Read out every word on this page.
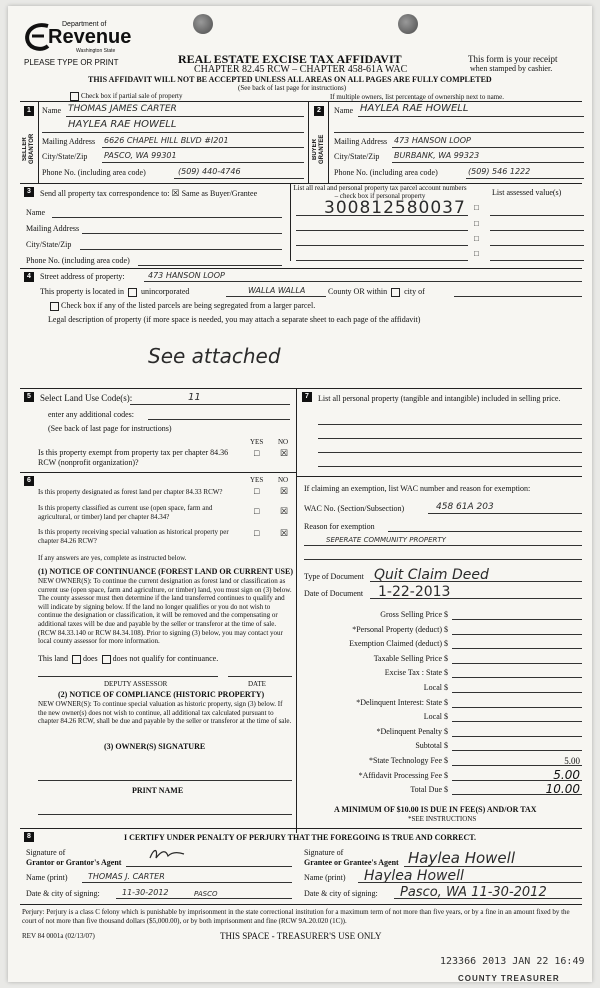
Department of
Revenue
Washington State
PLEASE TYPE OR PRINT	REAL ESTATE EXCISE TAX AFFIDAVIT
CHAPTER 82.45 RCW – CHAPTER 458-61A WAC
This form is your receipt
when stamped by cashier.
THIS AFFIDAVIT WILL NOT BE ACCEPTED UNLESS ALL AREAS ON ALL PAGES ARE FULLY COMPLETED
(See back of last page for instructions)
Check box if partial sale of property	If multiple owners, list percentage of ownership next to name.
1
SELLER GRANTOR
Name THOMAS JAMES CARTER
HAYLEA RAE HOWELL
Mailing Address 6626 CHAPEL HILL BLVD #I201
City/State/Zip PASCO, WA 99301
Phone No. (including area code)	(509) 440-4746
2
BUYER GRANTEE
Name HAYLEA RAE HOWELL
Mailing Address 473 HANSON LOOP
City/State/Zip BURBANK, WA 99323
Phone No. (including area code)	(509) 546 1222
3	Send all property tax correspondence to: ☒ Same as Buyer/Grantee
Name
Mailing Address
City/State/Zip
Phone No. (including area code)
List all real and personal property tax parcel account numbers – check box if personal property
300812580037 □
□
□
□
List assessed value(s)
4	Street address of property:	473 HANSON LOOP
This property is located in unincorporated	WALLA WALLA	County OR within city of
Check box if any of the listed parcels are being segregated from a larger parcel.
Legal description of property (if more space is needed, you may attach a separate sheet to each page of the affidavit)
See attached
5	Select Land Use Code(s):	11
enter any additional codes:
(See back of last page for instructions)
YES NO
Is this property exempt from property tax per chapter 84.36 RCW (nonprofit organization)?
□ ☒
6	YES NO
Is this property designated as forest land per chapter 84.33 RCW?	□ ☒
Is this property classified as current use (open space, farm and agricultural, or timber) land per chapter 84.34?
□ ☒
Is this property receiving special valuation as historical property per chapter 84.26 RCW?
□ ☒
If any answers are yes, complete as instructed below.
(1) NOTICE OF CONTINUANCE (FOREST LAND OR CURRENT USE)
NEW OWNER(S): To continue the current designation as forest land or classification as current use (open space, farm and agriculture, or timber) land, you must sign on (3) below. The county assessor must then determine if the land transferred continues to qualify and will indicate by signing below. If the land no longer qualifies or you do not wish to continue the designation or classification, it will be removed and the compensating or additional taxes will be due and payable by the seller or transferor at the time of sale. (RCW 84.33.140 or RCW 84.34.108). Prior to signing (3) below, you may contact your local county assessor for more information.
This land does does not qualify for continuance.
DEPUTY ASSESSOR	DATE
(2) NOTICE OF COMPLIANCE (HISTORIC PROPERTY)
NEW OWNER(S): To continue special valuation as historic property, sign (3) below. If the new owner(s) does not wish to continue, all additional tax calculated pursuant to chapter 84.26 RCW, shall be due and payable by the seller or transferor at the time of sale.
(3) OWNER(S) SIGNATURE
PRINT NAME
7	List all personal property (tangible and intangible) included in selling price.
If claiming an exemption, list WAC number and reason for exemption:
WAC No. (Section/Subsection)	458 61A 203
Reason for exemption
SEPERATE COMMUNITY PROPERTY
Type of Document Quit Claim Deed
Date of Document 1-22-2013
Gross Selling Price $
*Personal Property (deduct) $
Exemption Claimed (deduct) $
Taxable Selling Price $
Excise Tax : State $
Local $
*Delinquent Interest: State $
Local $
*Delinquent Penalty $
Subtotal $
*State Technology Fee $	5.00
*Affidavit Processing Fee $	5.00
Total Due $	10.00
A MINIMUM OF $10.00 IS DUE IN FEE(S) AND/OR TAX
*SEE INSTRUCTIONS
8	I CERTIFY UNDER PENALTY OF PERJURY THAT THE FOREGOING IS TRUE AND CORRECT.
Signature of
Grantor or Grantor's Agent
Name (print)	THOMAS J. CARTER
Date & city of signing:	11-30-2012	PASCO
Signature of
Grantee or Grantee's Agent Haylea Howell
Name (print) Haylea Howell
Date & city of signing: Pasco, WA 11-30-2012
Perjury: Perjury is a class C felony which is punishable by imprisonment in the state correctional institution for a maximum term of not more than five years, or by a fine in an amount fixed by the court of not more than five thousand dollars ($5,000.00), or by both imprisonment and fine (RCW 9A.20.020 (1C)).
REV 84 0001a (02/13/07)	THIS SPACE - TREASURER'S USE ONLY
123366 2013 JAN 22 16:49
COUNTY TREASURER
